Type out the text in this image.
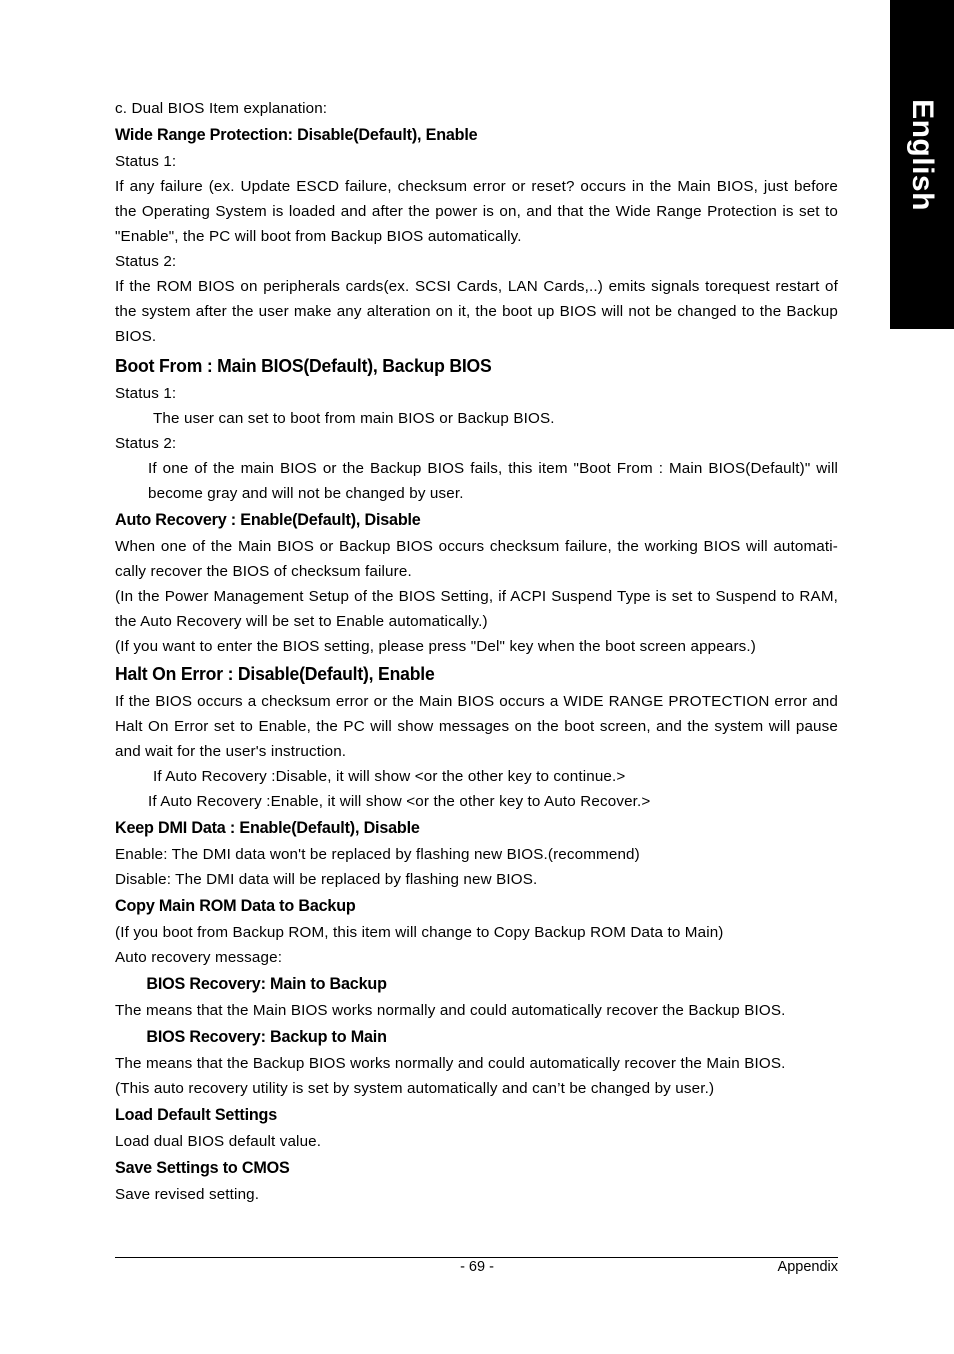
English

c. Dual BIOS Item explanation:

Wide Range Protection: Disable(Default), Enable

Status 1:

If any failure (ex. Update ESCD failure, checksum error or reset? occurs in the Main BIOS, just before the Operating System is loaded and after the power is on, and that the Wide Range Protection is set to "Enable", the PC will boot from Backup BIOS automatically.

Status 2:

If the ROM BIOS on peripherals cards(ex. SCSI Cards, LAN Cards,..) emits signals torequest restart of the system after the user make any alteration on it, the boot up BIOS will not be changed to the Backup BIOS.

Boot From : Main BIOS(Default), Backup BIOS

Status 1:

The user can set to boot from main BIOS or Backup BIOS.

Status 2:

If one of the main BIOS or the Backup BIOS fails, this item "Boot From : Main BIOS(Default)" will become gray and will not be changed by user.

Auto Recovery : Enable(Default), Disable

When one of the Main BIOS or Backup BIOS occurs checksum failure, the working BIOS will automati-cally recover the BIOS of checksum failure.

(In the Power Management Setup of the BIOS Setting, if ACPI Suspend Type is set to Suspend to RAM, the Auto Recovery will be set to Enable automatically.)

(If you want to enter the BIOS setting, please press "Del" key when the boot screen appears.)

Halt On Error : Disable(Default), Enable

If the BIOS occurs a checksum error or the Main BIOS occurs a WIDE RANGE PROTECTION error and Halt On Error set to Enable, the PC will show messages on the boot screen, and the system will pause and wait for the user's instruction.

If Auto Recovery :Disable, it will show <or the other key to continue.>

If Auto Recovery :Enable, it will show <or the other key to Auto Recover.>

Keep DMI Data : Enable(Default), Disable

Enable: The DMI data won't be replaced by flashing new BIOS.(recommend)

Disable: The DMI data will be replaced by flashing new BIOS.

Copy Main ROM Data to Backup

(If you boot from Backup ROM, this item will change to Copy Backup ROM Data to Main)

Auto recovery message:

BIOS Recovery: Main to Backup

The means that the Main BIOS works normally and could automatically recover the Backup BIOS.

BIOS Recovery: Backup to Main

The means that the Backup BIOS works normally and could automatically recover the Main BIOS.

(This auto recovery utility is set by system automatically and can’t be changed by user.)

Load Default Settings

Load dual BIOS default value.

Save Settings to CMOS

Save revised setting.

- 69 -	Appendix
